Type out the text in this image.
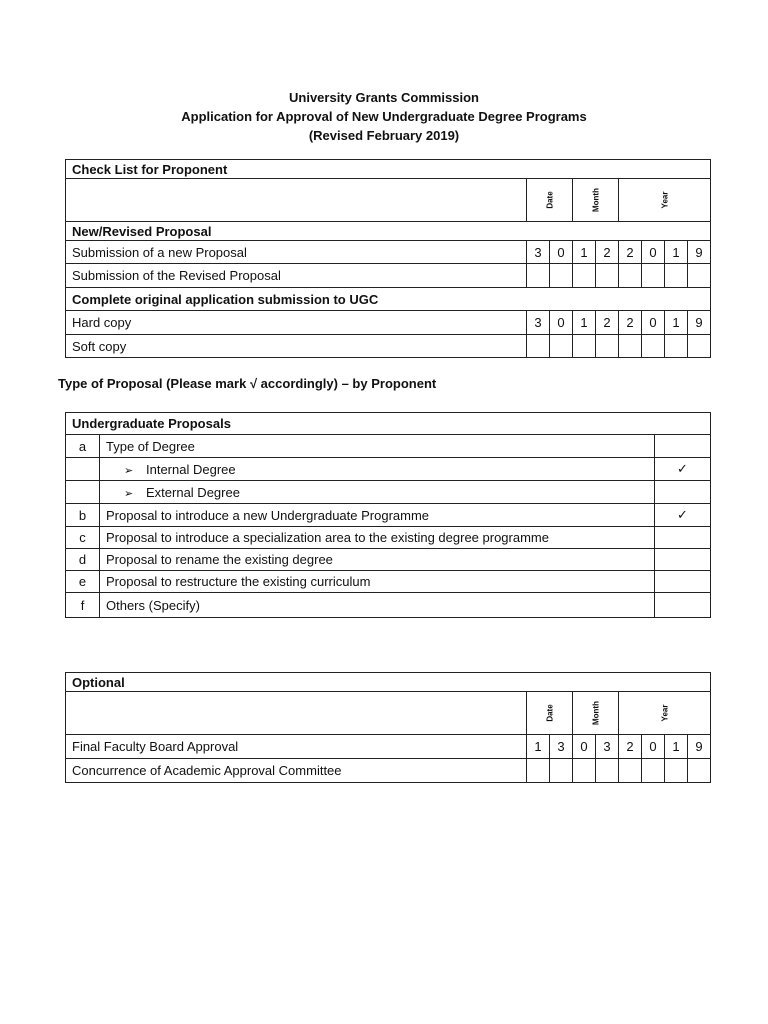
University Grants Commission
Application for Approval of New Undergraduate Degree Programs
(Revised February 2019)
Check List for Proponent								

	Date		Month		Year			

New/Revised Proposal								
Submission of a new Proposal	3	0	1	2	2	0	1	9
Submission of the Revised Proposal								
Complete original application submission to UGC								
Hard copy	3	0	1	2	2	0	1	9
Soft copy								
Type of Proposal (Please mark √ accordingly) – by Proponent
Undergraduate Proposals		
a	Type of Degree	
	➢ Internal Degree	✓
	➢ External Degree	
b	Proposal to introduce a new Undergraduate Programme	✓
c	Proposal to introduce a specialization area to the existing degree programme	
d	Proposal to rename the existing degree	
e	Proposal to restructure the existing curriculum	
f	Others (Specify)	
Optional								

	Date		Month		Year			

Final Faculty Board Approval	1	3	0	3	2	0	1	9
Concurrence of Academic Approval Committee								
